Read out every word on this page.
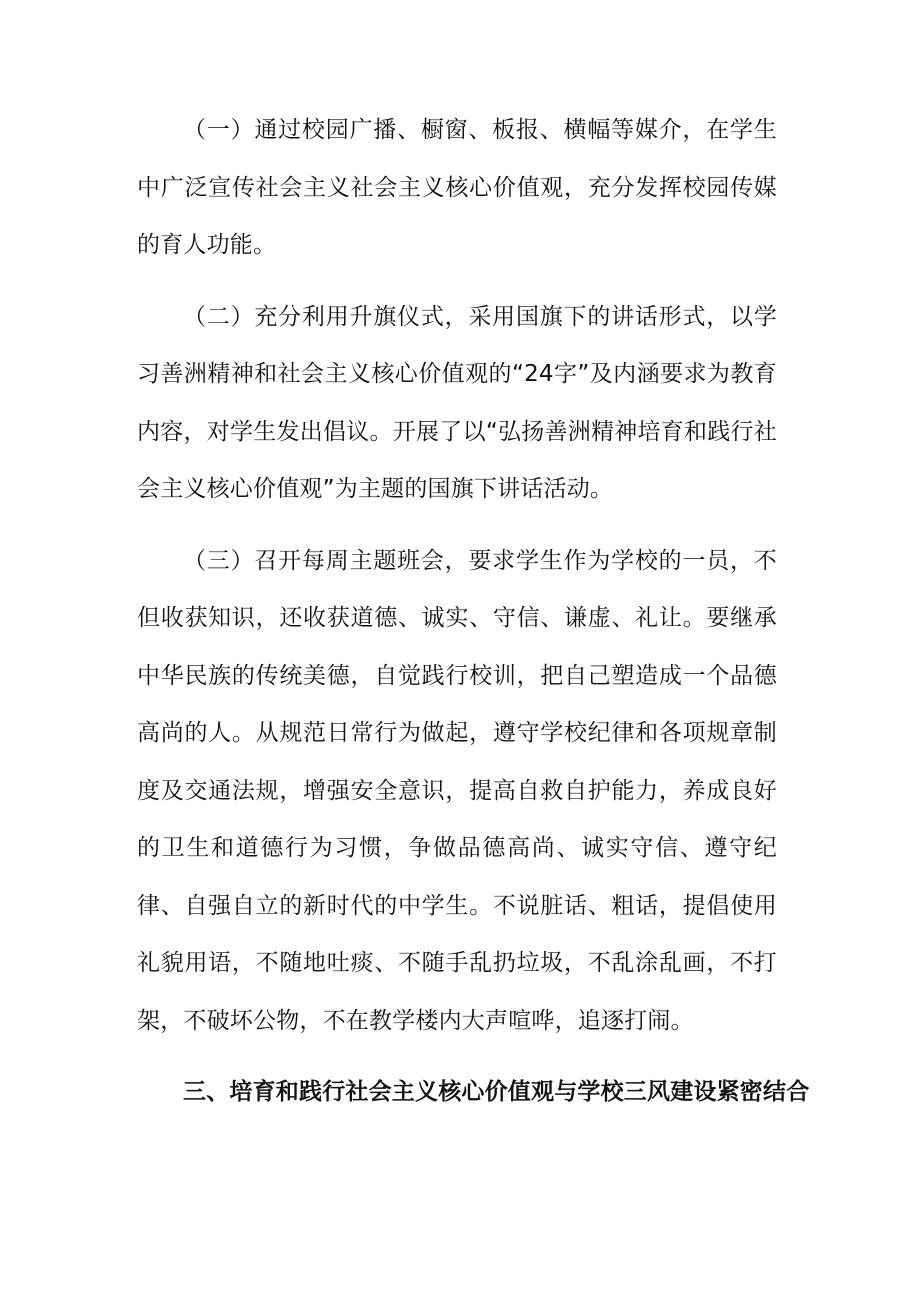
（一）通过校园广播、橱窗、板报、横幅等媒介，在学生中广泛宣传社会主义社会主义核心价值观，充分发挥校园传媒的育人功能。

（二）充分利用升旗仪式，采用国旗下的讲话形式，以学习善洲精神和社会主义核心价值观的“24字”及内涵要求为教育内容，对学生发出倡议。开展了以“弘扬善洲精神培育和践行社会主义核心价值观”为主题的国旗下讲话活动。

（三）召开每周主题班会，要求学生作为学校的一员，不但收获知识，还收获道德、诚实、守信、谦虚、礼让。要继承中华民族的传统美德，自觉践行校训，把自己塑造成一个品德高尚的人。从规范日常行为做起，遵守学校纪律和各项规章制度及交通法规，增强安全意识，提高自救自护能力，养成良好的卫生和道德行为习惯，争做品德高尚、诚实守信、遵守纪律、自强自立的新时代的中学生。不说脏话、粗话，提倡使用礼貌用语，不随地吐痰、不随手乱扔垃圾，不乱涂乱画，不打架，不破坏公物，不在教学楼内大声喧哗，追逐打闹。

三、培育和践行社会主义核心价值观与学校三风建设紧密结合
